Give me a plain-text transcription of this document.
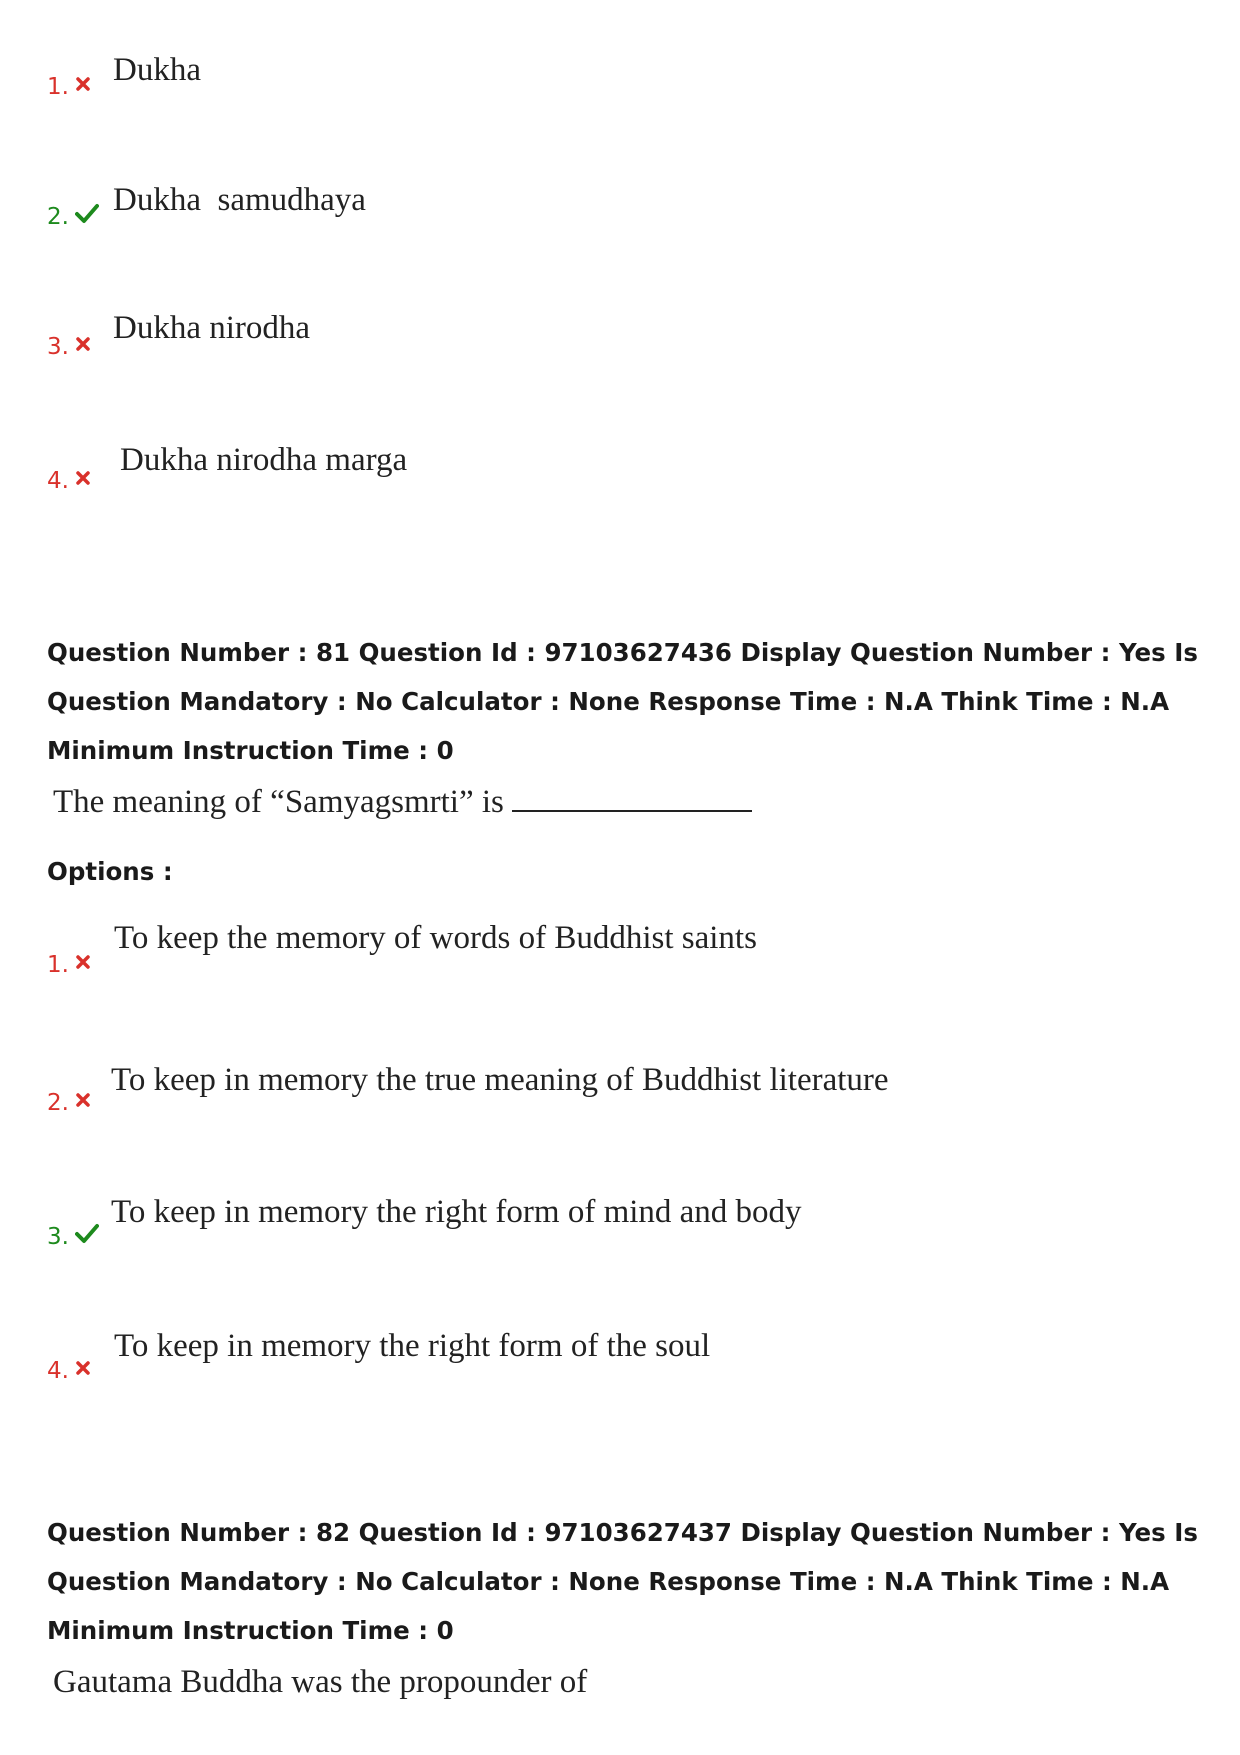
1. Dukha
2. Dukha  samudhaya
3.
Dukha nirodha
4.
Dukha nirodha marga
Question Number : 81 Question Id : 97103627436 Display Question Number : Yes Is Question Mandatory : No Calculator : None Response Time : N.A Think Time : N.A Minimum Instruction Time : 0
The meaning of “Samyagsmrti” is
Options :
1.
To keep the memory of words of Buddhist saints
2.
To keep in memory the true meaning of Buddhist literature
3.
To keep in memory the right form of mind and body
4.
To keep in memory the right form of the soul
Question Number : 82 Question Id : 97103627437 Display Question Number : Yes Is Question Mandatory : No Calculator : None Response Time : N.A Think Time : N.A Minimum Instruction Time : 0
Gautama Buddha was the propounder of
